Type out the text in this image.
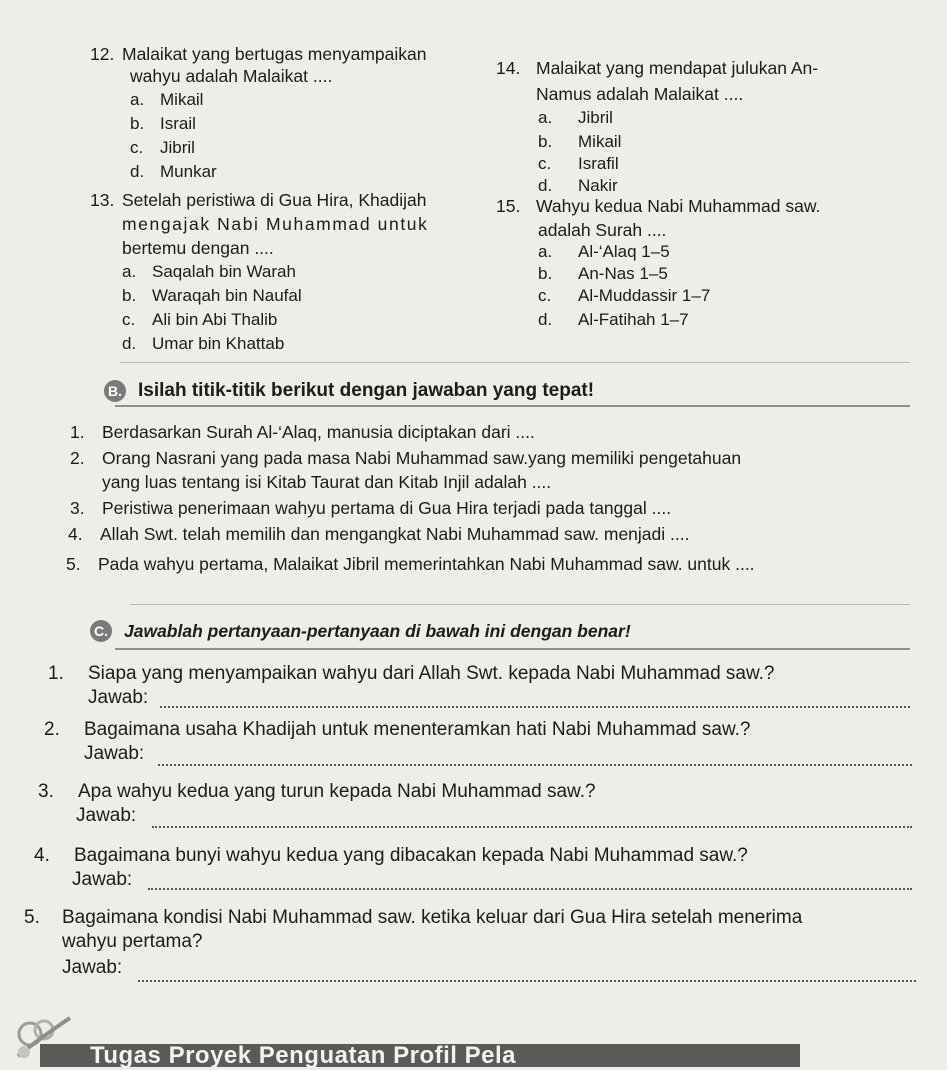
12. Malaikat yang bertugas menyampaikan
wahyu adalah Malaikat ....
a. Mikail
b. Israil
c. Jibril
d. Munkar
13. Setelah peristiwa di Gua Hira, Khadijah
mengajak Nabi Muhammad untuk
bertemu dengan ....
a. Saqalah bin Warah
b. Waraqah bin Naufal
c. Ali bin Abi Thalib
d. Umar bin Khattab
14. Malaikat yang mendapat julukan An-
Namus adalah Malaikat ....
a. Jibril
b. Mikail
c. Israfil
d. Nakir
15. Wahyu kedua Nabi Muhammad saw.
adalah Surah ....
a. Al-‘Alaq 1–5
b. An-Nas 1–5
c. Al-Muddassir 1–7
d. Al-Fatihah 1–7
B. Isilah titik-titik berikut dengan jawaban yang tepat!
1. Berdasarkan Surah Al-‘Alaq, manusia diciptakan dari ....
2. Orang Nasrani yang pada masa Nabi Muhammad saw.yang memiliki pengetahuan
yang luas tentang isi Kitab Taurat dan Kitab Injil adalah ....
3. Peristiwa penerimaan wahyu pertama di Gua Hira terjadi pada tanggal ....
4. Allah Swt. telah memilih dan mengangkat Nabi Muhammad saw. menjadi ....
5. Pada wahyu pertama, Malaikat Jibril memerintahkan Nabi Muhammad saw. untuk ....
C. Jawablah pertanyaan-pertanyaan di bawah ini dengan benar!
1. Siapa yang menyampaikan wahyu dari Allah Swt. kepada Nabi Muhammad saw.?
Jawab:
2. Bagaimana usaha Khadijah untuk menenteramkan hati Nabi Muhammad saw.?
Jawab:
3. Apa wahyu kedua yang turun kepada Nabi Muhammad saw.?
Jawab:
4. Bagaimana bunyi wahyu kedua yang dibacakan kepada Nabi Muhammad saw.?
Jawab:
5. Bagaimana kondisi Nabi Muhammad saw. ketika keluar dari Gua Hira setelah menerima
wahyu pertama?
Jawab:
Tugas Proyek Penguatan Profil Pela
